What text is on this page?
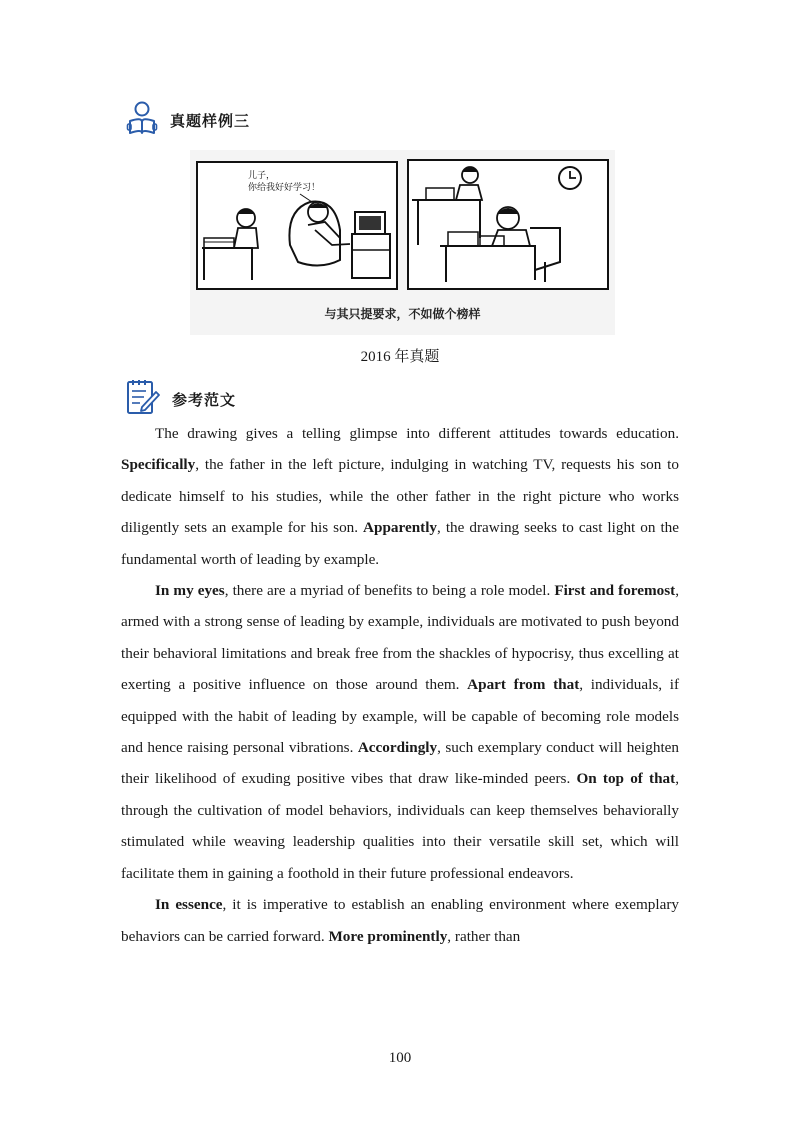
真题样例三
儿子，
你给我好好学习！
与其只提要求，不如做个榜样
2016 年真题
参考范文

The drawing gives a telling glimpse into different attitudes towards education. Specifically, the father in the left picture, indulging in watching TV, requests his son to dedicate himself to his studies, while the other father in the right picture who works diligently sets an example for his son. Apparently, the drawing seeks to cast light on the fundamental worth of leading by example.

In my eyes, there are a myriad of benefits to being a role model. First and foremost, armed with a strong sense of leading by example, individuals are motivated to push beyond their behavioral limitations and break free from the shackles of hypocrisy, thus excelling at exerting a positive influence on those around them. Apart from that, individuals, if equipped with the habit of leading by example, will be capable of becoming role models and hence raising personal vibrations. Accordingly, such exemplary conduct will heighten their likelihood of exuding positive vibes that draw like-minded peers. On top of that, through the cultivation of model behaviors, individuals can keep themselves behaviorally stimulated while weaving leadership qualities into their versatile skill set, which will facilitate them in gaining a foothold in their future professional endeavors.

In essence, it is imperative to establish an enabling environment where exemplary behaviors can be carried forward. More prominently, rather than

100
